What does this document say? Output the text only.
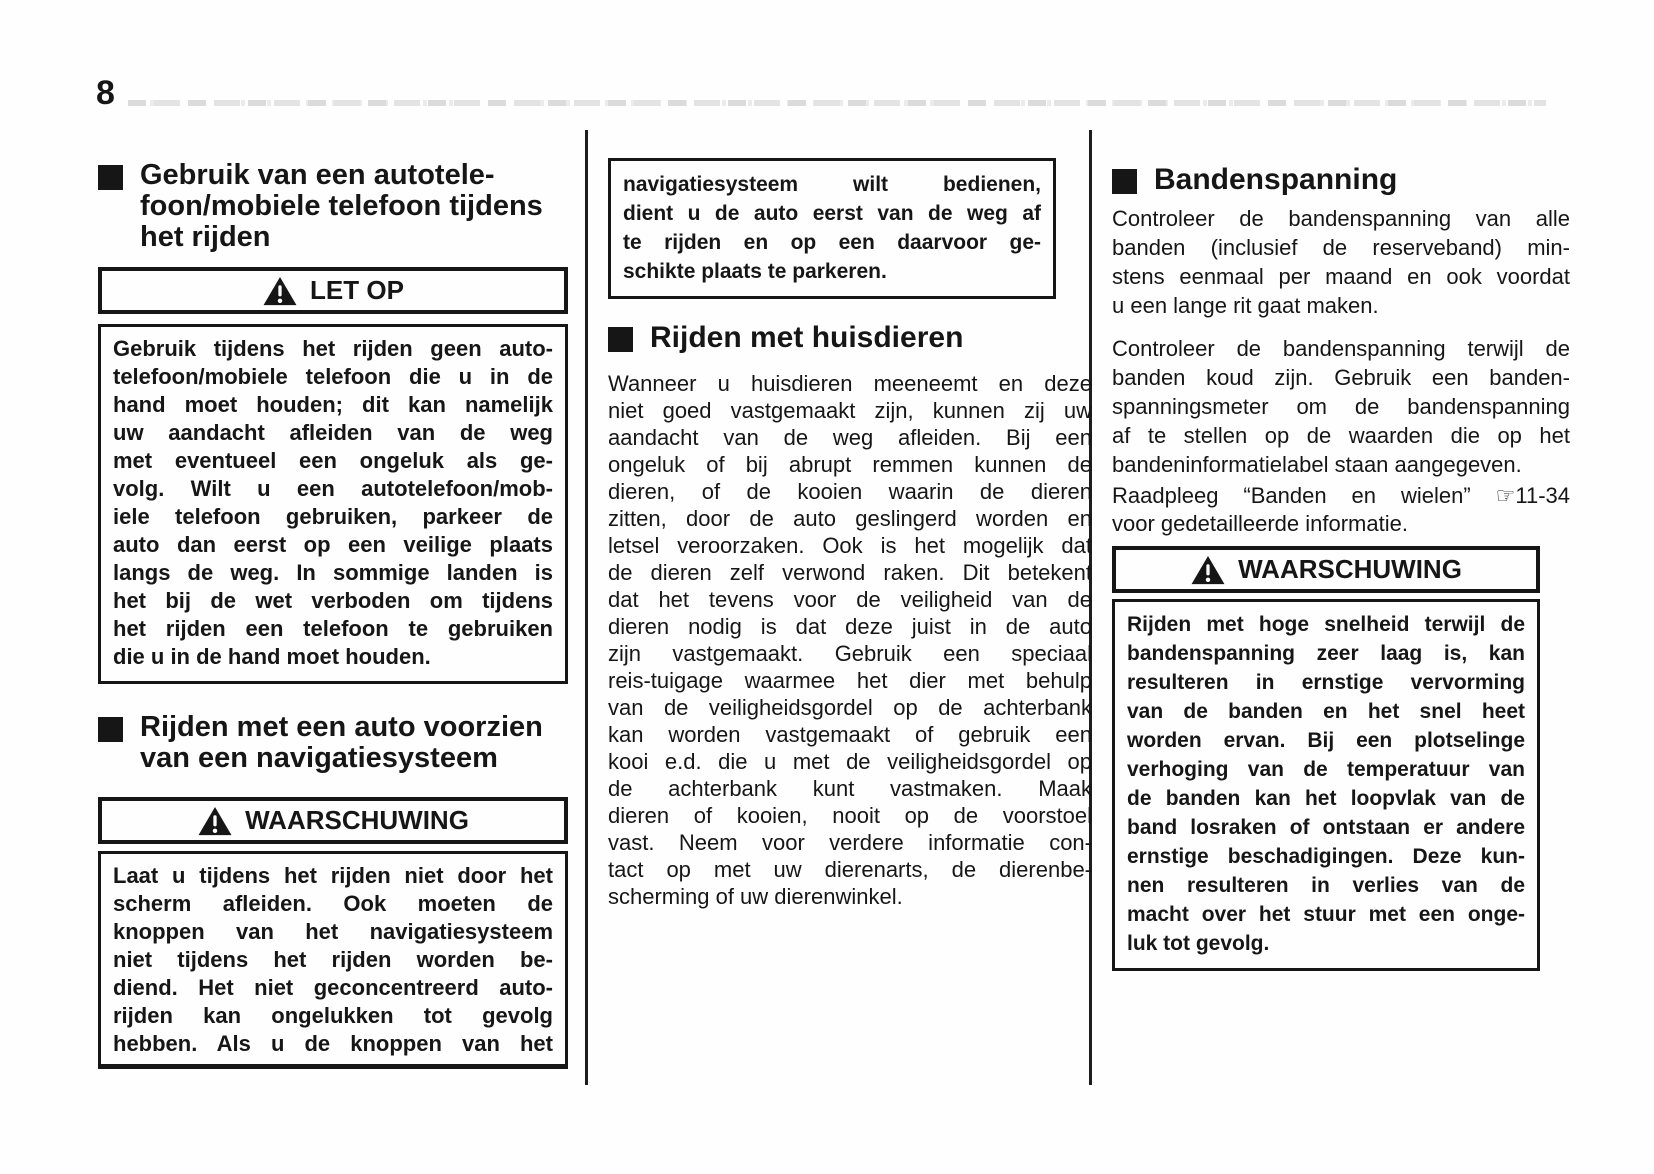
8
Gebruik van een autotele-
foon/mobiele telefoon tijdens
het rijden
LET OP
Gebruik tijdens het rijden geen auto-
telefoon/mobiele telefoon die u in de
hand moet houden; dit kan namelijk
uw aandacht afleiden van de weg
met eventueel een ongeluk als ge-
volg. Wilt u een autotelefoon/mob-
iele telefoon gebruiken, parkeer de
auto dan eerst op een veilige plaats
langs de weg. In sommige landen is
het bij de wet verboden om tijdens
het rijden een telefoon te gebruiken
die u in de hand moet houden.
Rijden met een auto voorzien
van een navigatiesysteem
WAARSCHUWING
Laat u tijdens het rijden niet door het
scherm afleiden. Ook moeten de
knoppen van het navigatiesysteem
niet tijdens het rijden worden be-
diend. Het niet geconcentreerd auto-
rijden kan ongelukken tot gevolg
hebben. Als u de knoppen van het
navigatiesysteem wilt bedienen,
dient u de auto eerst van de weg af
te rijden en op een daarvoor ge-
schikte plaats te parkeren.
Rijden met huisdieren
Wanneer u huisdieren meeneemt en deze
niet goed vastgemaakt zijn, kunnen zij uw
aandacht van de weg afleiden. Bij een
ongeluk of bij abrupt remmen kunnen de
dieren, of de kooien waarin de dieren
zitten, door de auto geslingerd worden en
letsel veroorzaken. Ook is het mogelijk dat
de dieren zelf verwond raken. Dit betekent
dat het tevens voor de veiligheid van de
dieren nodig is dat deze juist in de auto
zijn vastgemaakt. Gebruik een speciaal
reis-tuigage waarmee het dier met behulp
van de veiligheidsgordel op de achterbank
kan worden vastgemaakt of gebruik een
kooi e.d. die u met de veiligheidsgordel op
de achterbank kunt vastmaken. Maak
dieren of kooien, nooit op de voorstoel
vast. Neem voor verdere informatie con-
tact op met uw dierenarts, de dierenbe-
scherming of uw dierenwinkel.
Bandenspanning
Controleer de bandenspanning van alle
banden (inclusief de reserveband) min-
stens eenmaal per maand en ook voordat
u een lange rit gaat maken.
Controleer de bandenspanning terwijl de
banden koud zijn. Gebruik een banden-
spanningsmeter om de bandenspanning
af te stellen op de waarden die op het
bandeninformatielabel staan aangegeven.
Raadpleeg “Banden en wielen” ☞11-34
voor gedetailleerde informatie.
WAARSCHUWING
Rijden met hoge snelheid terwijl de
bandenspanning zeer laag is, kan
resulteren in ernstige vervorming
van de banden en het snel heet
worden ervan. Bij een plotselinge
verhoging van de temperatuur van
de banden kan het loopvlak van de
band losraken of ontstaan er andere
ernstige beschadigingen. Deze kun-
nen resulteren in verlies van de
macht over het stuur met een onge-
luk tot gevolg.
